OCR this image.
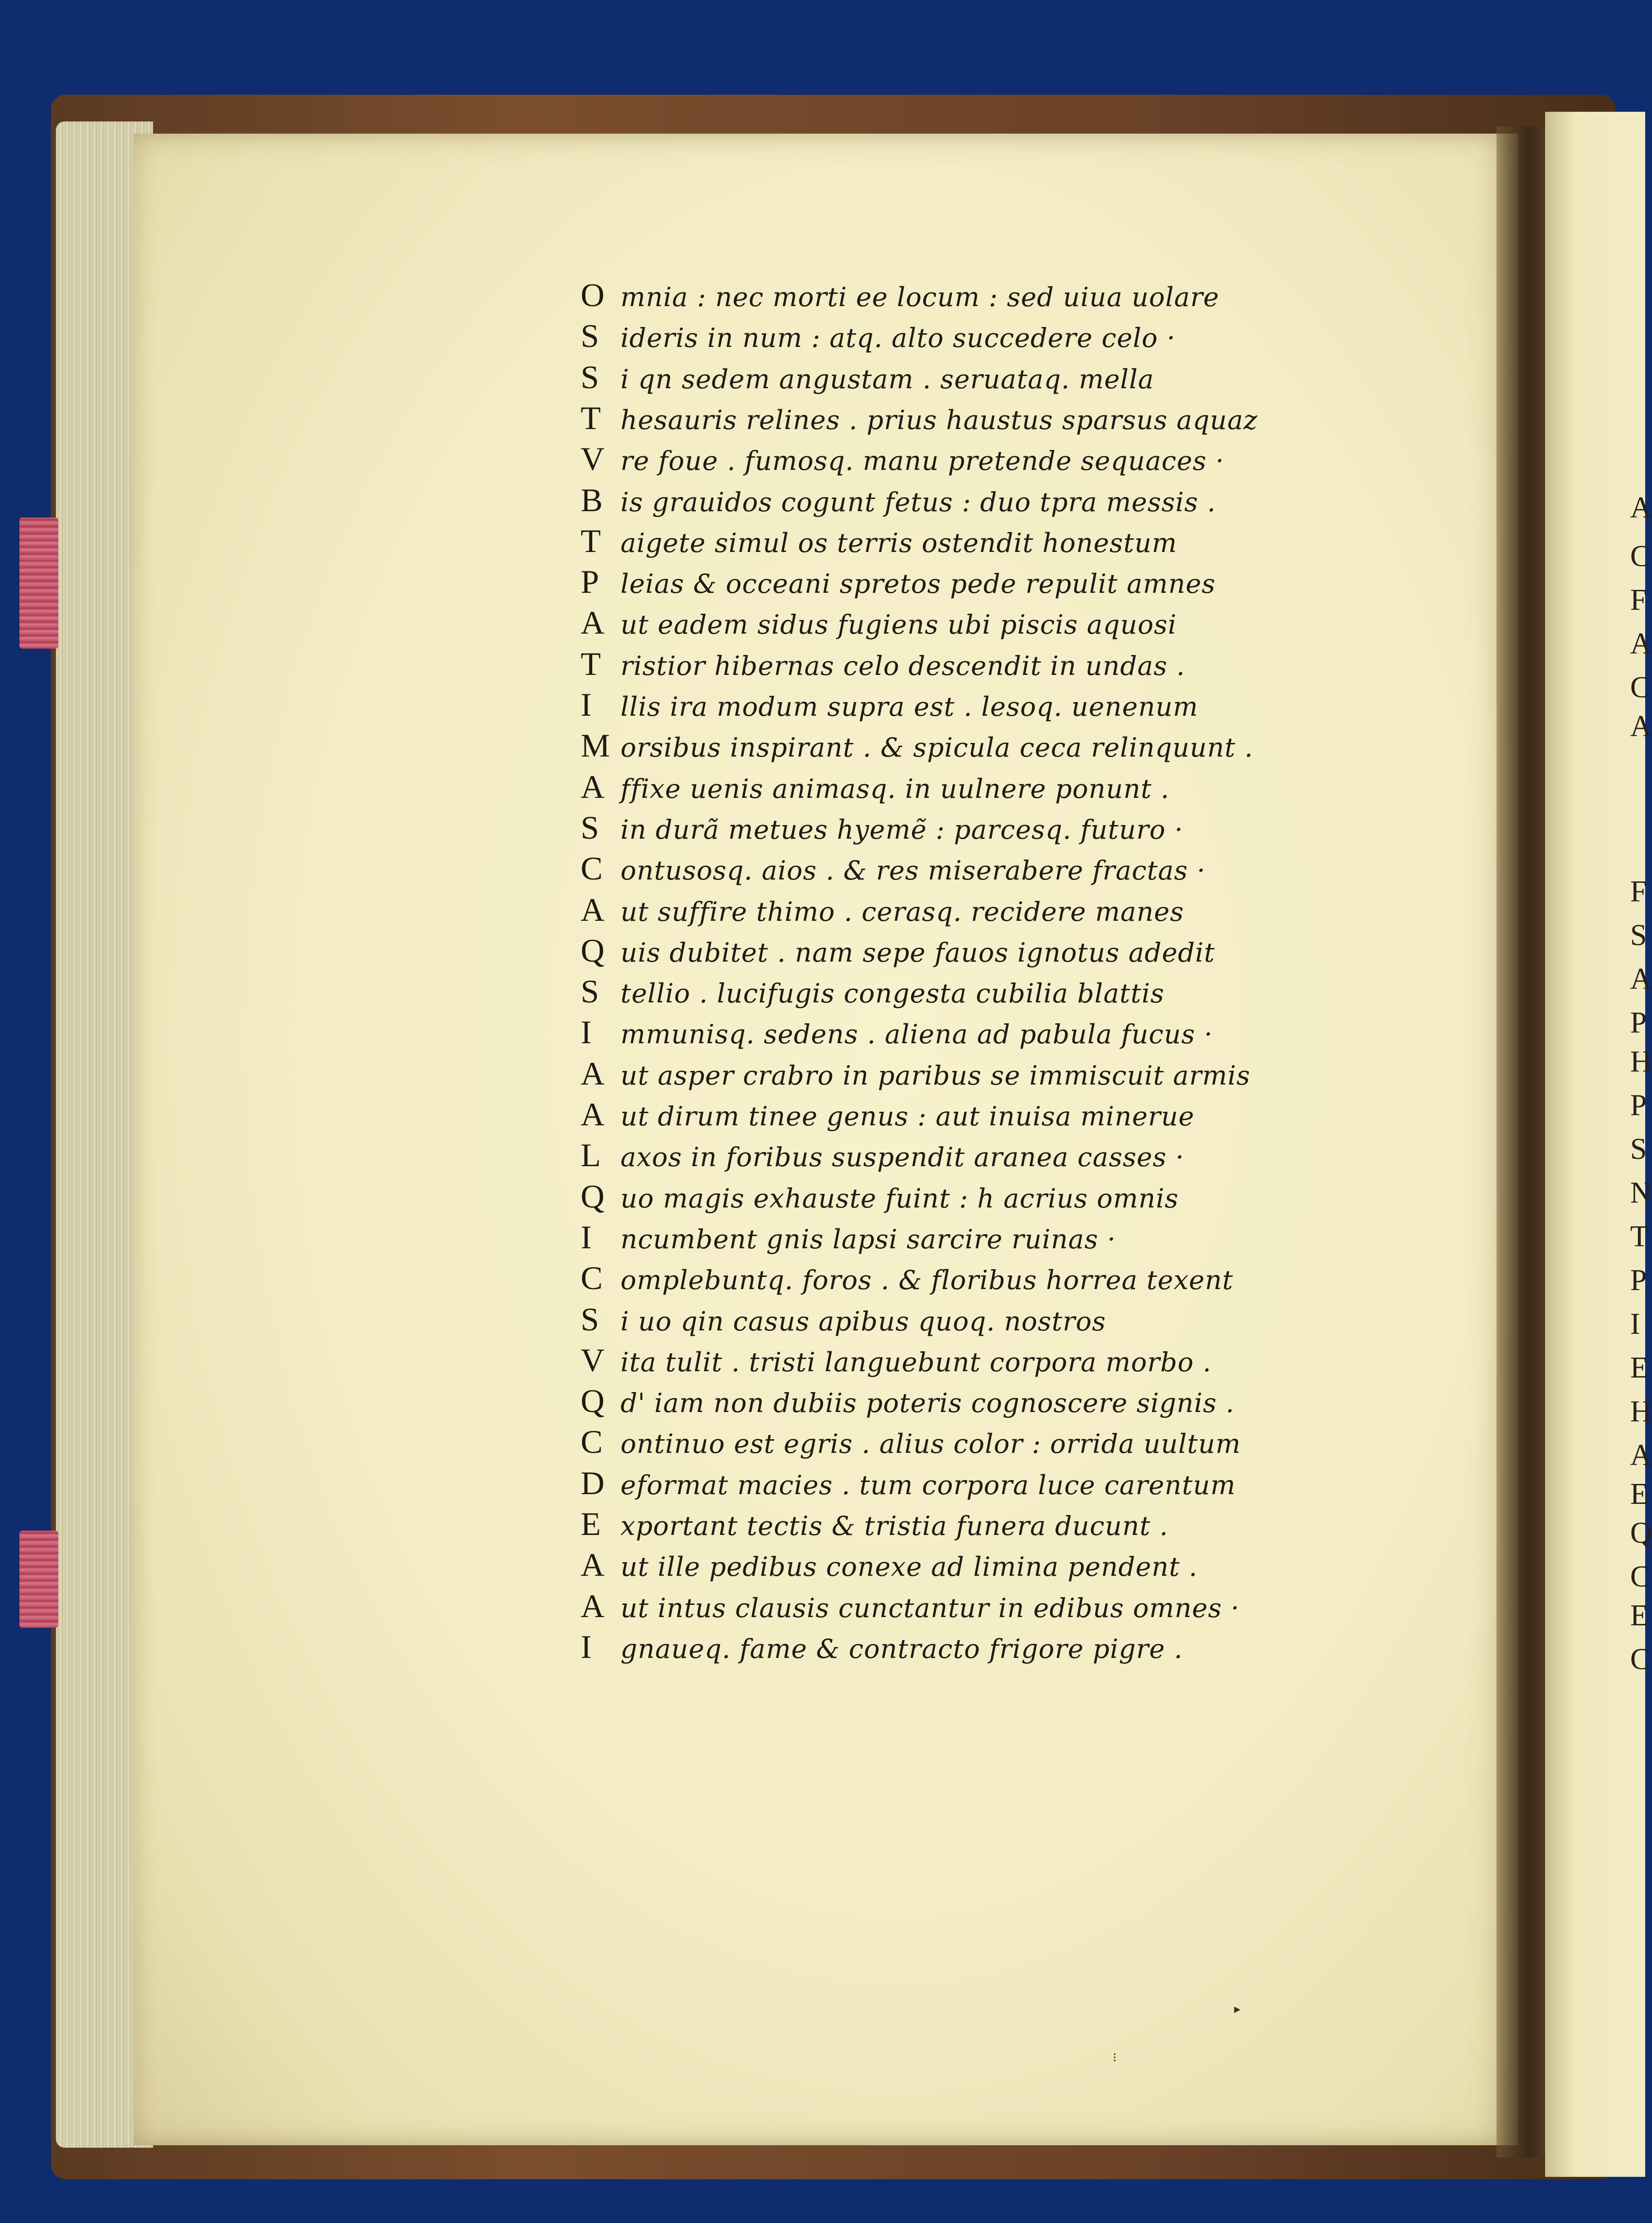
A
C
F
A
C
A
F
S
A
P
H
P
S
N
T
P
I
E
H
A
E
Q
C
E
C
O mnia : nec morti ee locum : sed uiua uolare
S ideris in num : atq. alto succedere celo ·
S i qn sedem angustam . seruataq. mella
T hesauris relines . prius haustus sparsus aquaz
V re foue . fumosq. manu pretende sequaces ·
B is grauidos cogunt fetus : duo tpra messis .
T aigete simul os terris ostendit honestum
P leias & occeani spretos pede repulit amnes
A ut eadem sidus fugiens ubi piscis aquosi
T ristior hibernas celo descendit in undas .
I llis ira modum supra est . lesoq. uenenum
M orsibus inspirant . & spicula ceca relinquunt .
A ffixe uenis animasq. in uulnere ponunt .
S in durã metues hyemẽ : parcesq. futuro ·
C ontusosq. aios . & res miserabere fractas ·
A ut suffire thimo . cerasq. recidere manes
Q uis dubitet . nam sepe fauos ignotus adedit
S tellio . lucifugis congesta cubilia blattis
I mmunisq. sedens . aliena ad pabula fucus ·
A ut asper crabro in paribus se immiscuit armis
A ut dirum tinee genus : aut inuisa minerue
L axos in foribus suspendit aranea casses ·
Q uo magis exhauste fuint : h acrius omnis
I ncumbent gnis lapsi sarcire ruinas ·
C omplebuntq. foros . & floribus horrea texent
S i uo qin casus apibus quoq. nostros
V ita tulit . tristi languebunt corpora morbo .
Q d' iam non dubiis poteris cognoscere signis .
C ontinuo est egris . alius color : orrida uultum
D eformat macies . tum corpora luce carentum
E xportant tectis & tristia funera ducunt .
A ut ille pedibus conexe ad limina pendent .
A ut intus clausis cunctantur in edibus omnes ·
I gnaueq. fame & contracto frigore pigre .
▸
⁝
